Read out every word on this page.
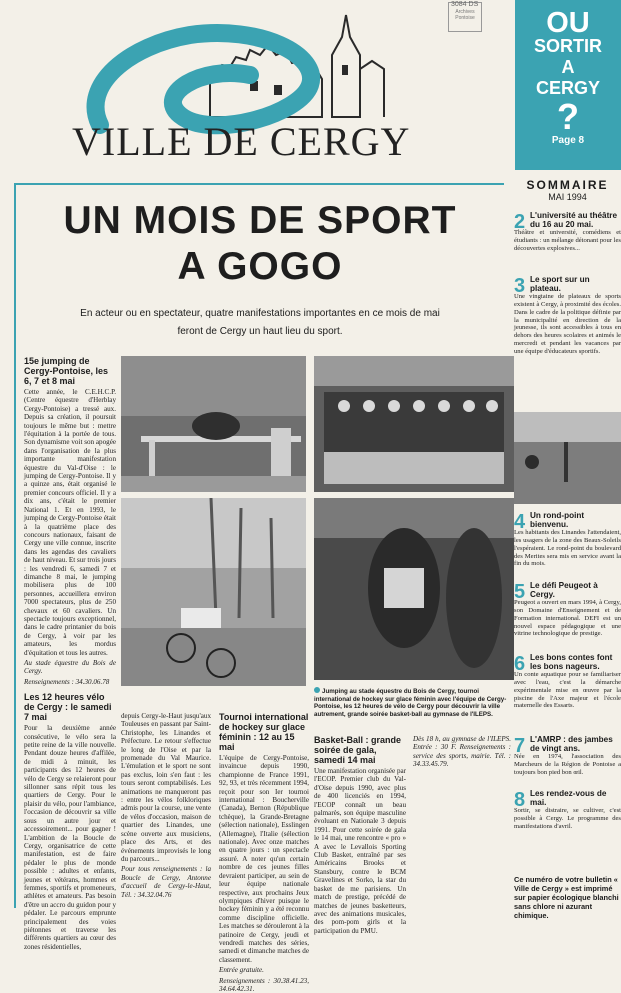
VILLE DE CERGY
Archives Pontoise
3084 DS
OU
SORTIR
A
CERGY
?
Page 8
UN MOIS DE SPORT
A GOGO
En acteur ou en spectateur, quatre manifestations importantes en ce mois de mai
feront de Cergy un haut lieu du sport.
15e jumping de Cergy-Pontoise, les 6, 7 et 8 mai

Cette année, le C.E.H.C.P. (Centre équestre d'Herblay Cergy-Pontoise) a tressé aux. Depuis sa création, il poursuit toujours le même but : mettre l'équitation à la portée de tous. Son dynamisme voit son apogée dans l'organisation de la plus importante manifestation équestre du Val-d'Oise : le jumping de Cergy-Pontoise. Il y a quinze ans, était organisé le premier concours officiel. Il y a dix ans, c'était le premier National 1. Et en 1993, le jumping de Cergy-Pontoise était à la quatrième place des concours nationaux, faisant de Cergy une ville connue, inscrite dans les agendas des cavaliers de haut niveau. Et sur trois jours : les vendredi 6, samedi 7 et dimanche 8 mai, le jumping mobilisera plus de 100 personnes, accueillera environ 7000 spectateurs, plus de 250 chevaux et 60 cavaliers. Un spectacle toujours exceptionnel, dans le cadre printanier du bois de Cergy, à voir par les amateurs, les mordus d'équitation et tous les autres.

Au stade équestre du Bois de Cergy.

Renseignements : 34.30.06.78

Les 12 heures vélo de Cergy : le samedi 7 mai

Pour la deuxième année consécutive, le vélo sera la petite reine de la ville nouvelle. Pendant douze heures d'affilée, de midi à minuit, les participants des 12 heures de vélo de Cergy se relaieront pour sillonner sans répit tous les quartiers de Cergy. Pour le plaisir du vélo, pour l'ambiance, l'occasion de découvrir sa ville sous un autre jour et accessoirement... pour gagner ! L'ambition de la Boucle de Cergy, organisatrice de cette manifestation, est de faire pédaler le plus de monde possible : adultes et enfants, jeunes et vétérans, hommes et femmes, sportifs et promeneurs, athlètes et amateurs. Pas besoin d'être un accro du guidon pour y pédaler. Le parcours emprunte principalement des voies piétonnes et traverse les différents quartiers au cœur des zones résidentielles,

Jumping au stade équestre du Bois de Cergy, tournoi international de hockey sur glace féminin avec l'équipe de Cergy-Pontoise, les 12 heures de vélo de Cergy pour découvrir la ville autrement, grande soirée basket-ball au gymnase de l'ILEPS.

depuis Cergy-le-Haut jusqu'aux Touleuses en passant par Saint-Christophe, les Linandes et Préfecture. Le retour s'effectue le long de l'Oise et par la promenade du Val Maurice. L'émulation et le sport ne sont pas exclus, loin s'en faut : les tours seront comptabilisés. Les animations ne manqueront pas : entre les vélos folkloriques admis pour la course, une vente de vélos d'occasion, maison de quartier des Linandes, une scène ouverte aux musiciens, place des Arts, et des événements improvisés le long du parcours...

Pour tous renseignements : la Boucle de Cergy, Antonne d'accueil de Cergy-le-Haut, Tél. : 34.32.04.76

Tournoi international de hockey sur glace féminin : 12 au 15 mai

L'équipe de Cergy-Pontoise, invaincue depuis 1990, championne de France 1991, 92, 93, et très récemment 1994, reçoit pour son Ier tournoi international : Boucherville (Canada), Bernon (République tchèque), la Grande-Bretagne (sélection nationale), Esslingen (Allemagne), l'Italie (sélection nationale). Avec onze matches en quatre jours : un spectacle assuré. A noter qu'un certain nombre de ces jeunes filles devraient participer, au sein de leur équipe nationale respective, aux prochains Jeux olympiques d'hiver puisque le hockey féminin y a été reconnu comme discipline officielle. Les matches se dérouleront à la patinoire de Cergy, jeudi et vendredi matches des séries, samedi et dimanche matches de classement.

Entrée gratuite.

Renseignements : 30.38.41.23, 34.64.42.31.

Basket-Ball : grande soirée de gala, samedi 14 mai

Une manifestation organisée par l'ECOP. Premier club du Val-d'Oise depuis 1990, avec plus de 400 licenciés en 1994, l'ECOP connaît un beau palmarès, son équipe masculine évoluant en Nationale 3 depuis 1991. Pour cette soirée de gala le 14 mai, une rencontre « pro » A avec le Levallois Sporting Club Basket, entraîné par ses Américains Brooks et Stansbury, contre le BCM Gravelines et Sorko, la star du basket de me parisiens. Un match de prestige, précédé de matches de jeunes basketteurs, avec des animations musicales, des pom-pom girls et la participation du PMU.

Dès 18 h, au gymnase de l'ILEPS. Entrée : 30 F. Renseignements : service des sports, mairie. Tél. : 34.33.45.79.

SOMMAIRE
MAI 1994
2 L'université au théâtre du 16 au 20 mai.
Théâtre et université, comédiens et étudiants : un mélange détonant pour les découvertes explosives...
3 Le sport sur un plateau.
Une vingtaine de plateaux de sports existent à Cergy, à proximité des écoles. Dans le cadre de la politique définie par la municipalité en direction de la jeunesse, ils sont accessibles à tous en dehors des heures scolaires et animés le mercredi et pendant les vacances par une équipe d'éducateurs sportifs.
4 Un rond-point bienvenu.
Les habitants des Linandes l'attendaient, les usagers de la zone des Beaux-Soleils l'espéraient. Le rond-point du boulevard des Merites sera mis en service avant la fin du mois.
5 Le défi Peugeot à Cergy.
Peugeot a ouvert en mars 1994, à Cergy, son Domaine d'Enseignement et de Formation international. DEFI est un nouvel espace pédagogique et une vitrine technologique de prestige.
6 Les bons contes font les bons nageurs.
Un conte aquatique pour se familiariser avec l'eau, c'est la démarche expérimentale mise en œuvre par la piscine de l'Axe majeur et l'école maternelle des Essarts.
7 L'AMRP : des jambes de vingt ans.
Née en 1974, l'association des Marcheurs de la Région de Pontoise a toujours bon pied bon œil.
8 Les rendez-vous de mai.
Sortir, se distraire, se cultiver, c'est possible à Cergy. Le programme des manifestations d'avril.
Ce numéro de votre bulletin « Ville de Cergy » est imprimé sur papier écologique blanchi sans chlore ni azurant chimique.
